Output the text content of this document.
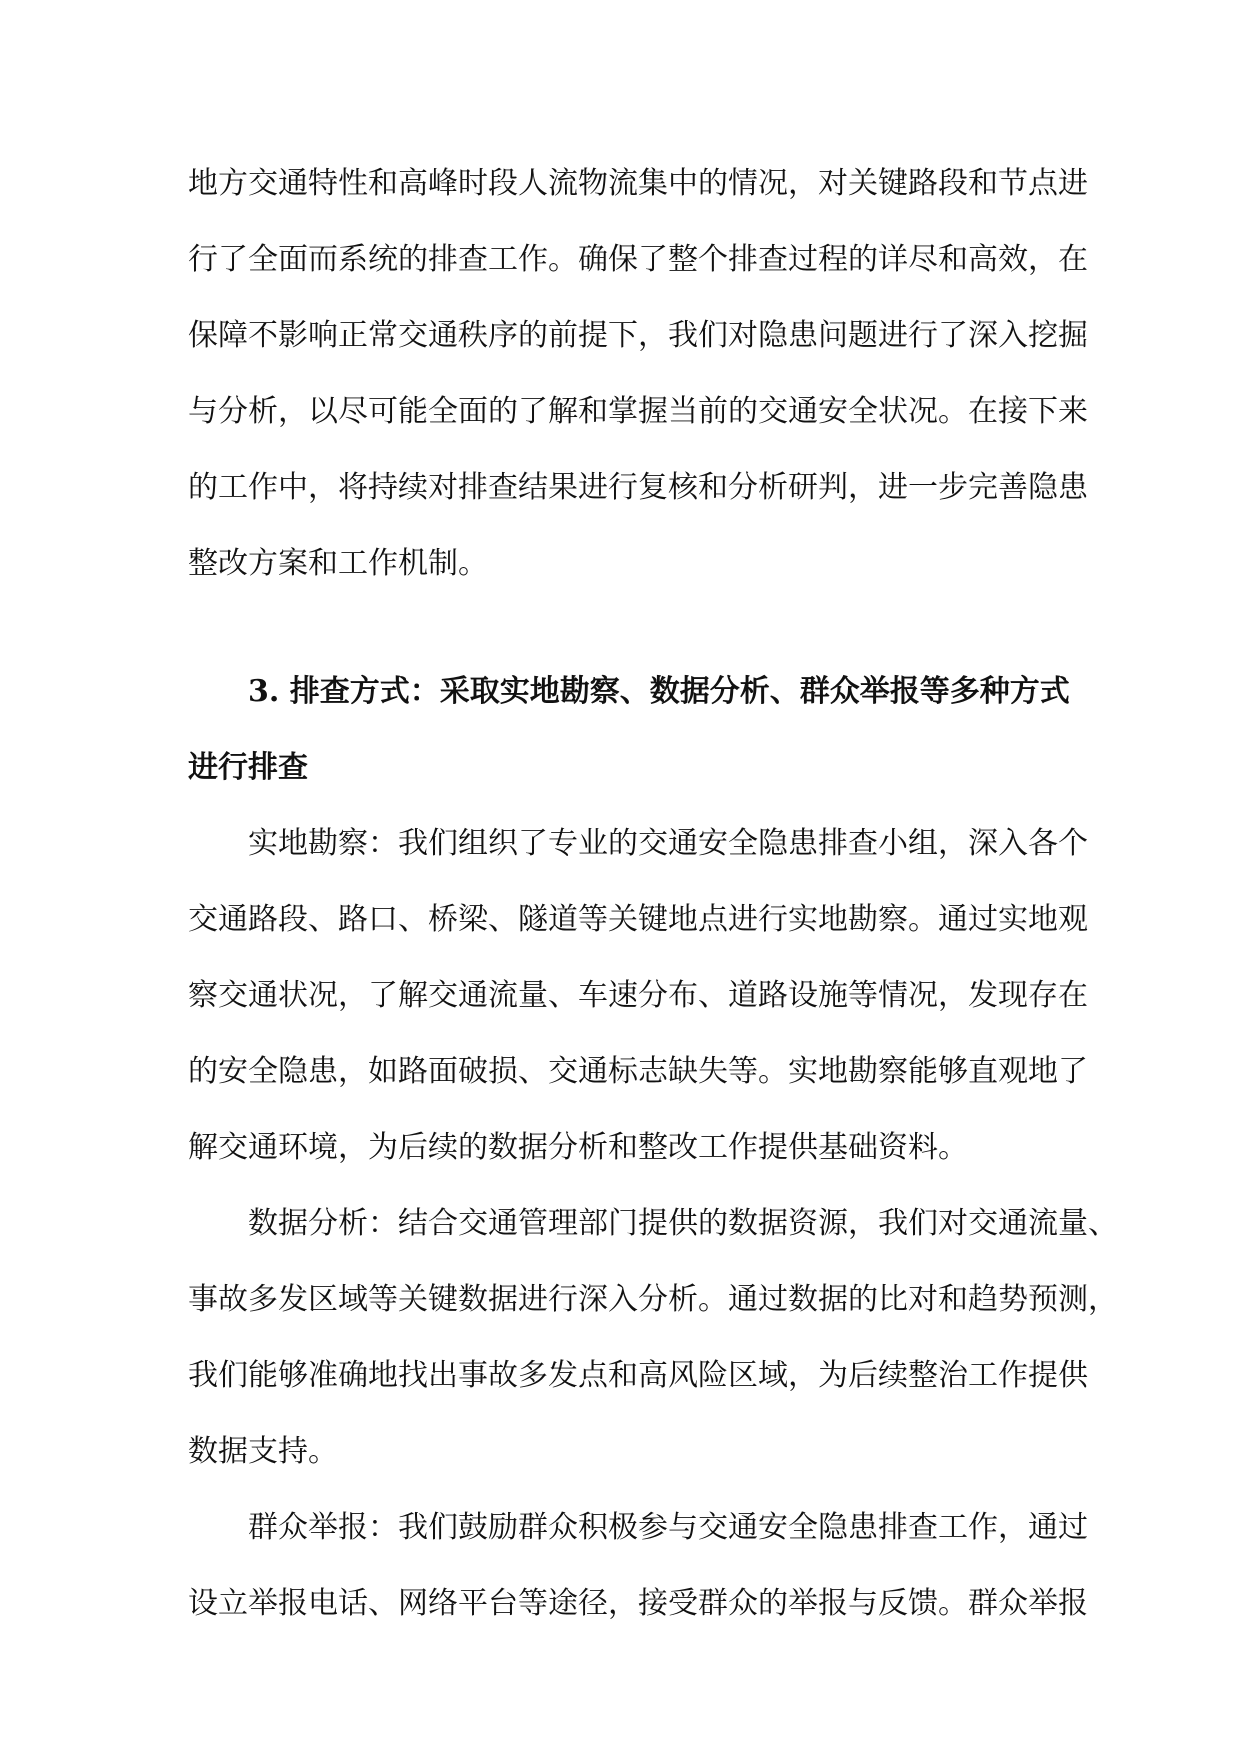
地方交通特性和高峰时段人流物流集中的情况，对关键路段和节点进
行了全面而系统的排查工作。确保了整个排查过程的详尽和高效，在
保障不影响正常交通秩序的前提下，我们对隐患问题进行了深入挖掘
与分析，以尽可能全面的了解和掌握当前的交通安全状况。在接下来
的工作中，将持续对排查结果进行复核和分析研判，进一步完善隐患
整改方案和工作机制。
3. 排查方式：采取实地勘察、数据分析、群众举报等多种方式
进行排查
实地勘察：我们组织了专业的交通安全隐患排查小组，深入各个
交通路段、路口、桥梁、隧道等关键地点进行实地勘察。通过实地观
察交通状况，了解交通流量、车速分布、道路设施等情况，发现存在
的安全隐患，如路面破损、交通标志缺失等。实地勘察能够直观地了
解交通环境，为后续的数据分析和整改工作提供基础资料。
数据分析：结合交通管理部门提供的数据资源，我们对交通流量、
事故多发区域等关键数据进行深入分析。通过数据的比对和趋势预测，
我们能够准确地找出事故多发点和高风险区域，为后续整治工作提供
数据支持。
群众举报：我们鼓励群众积极参与交通安全隐患排查工作，通过
设立举报电话、网络平台等途径，接受群众的举报与反馈。群众举报
